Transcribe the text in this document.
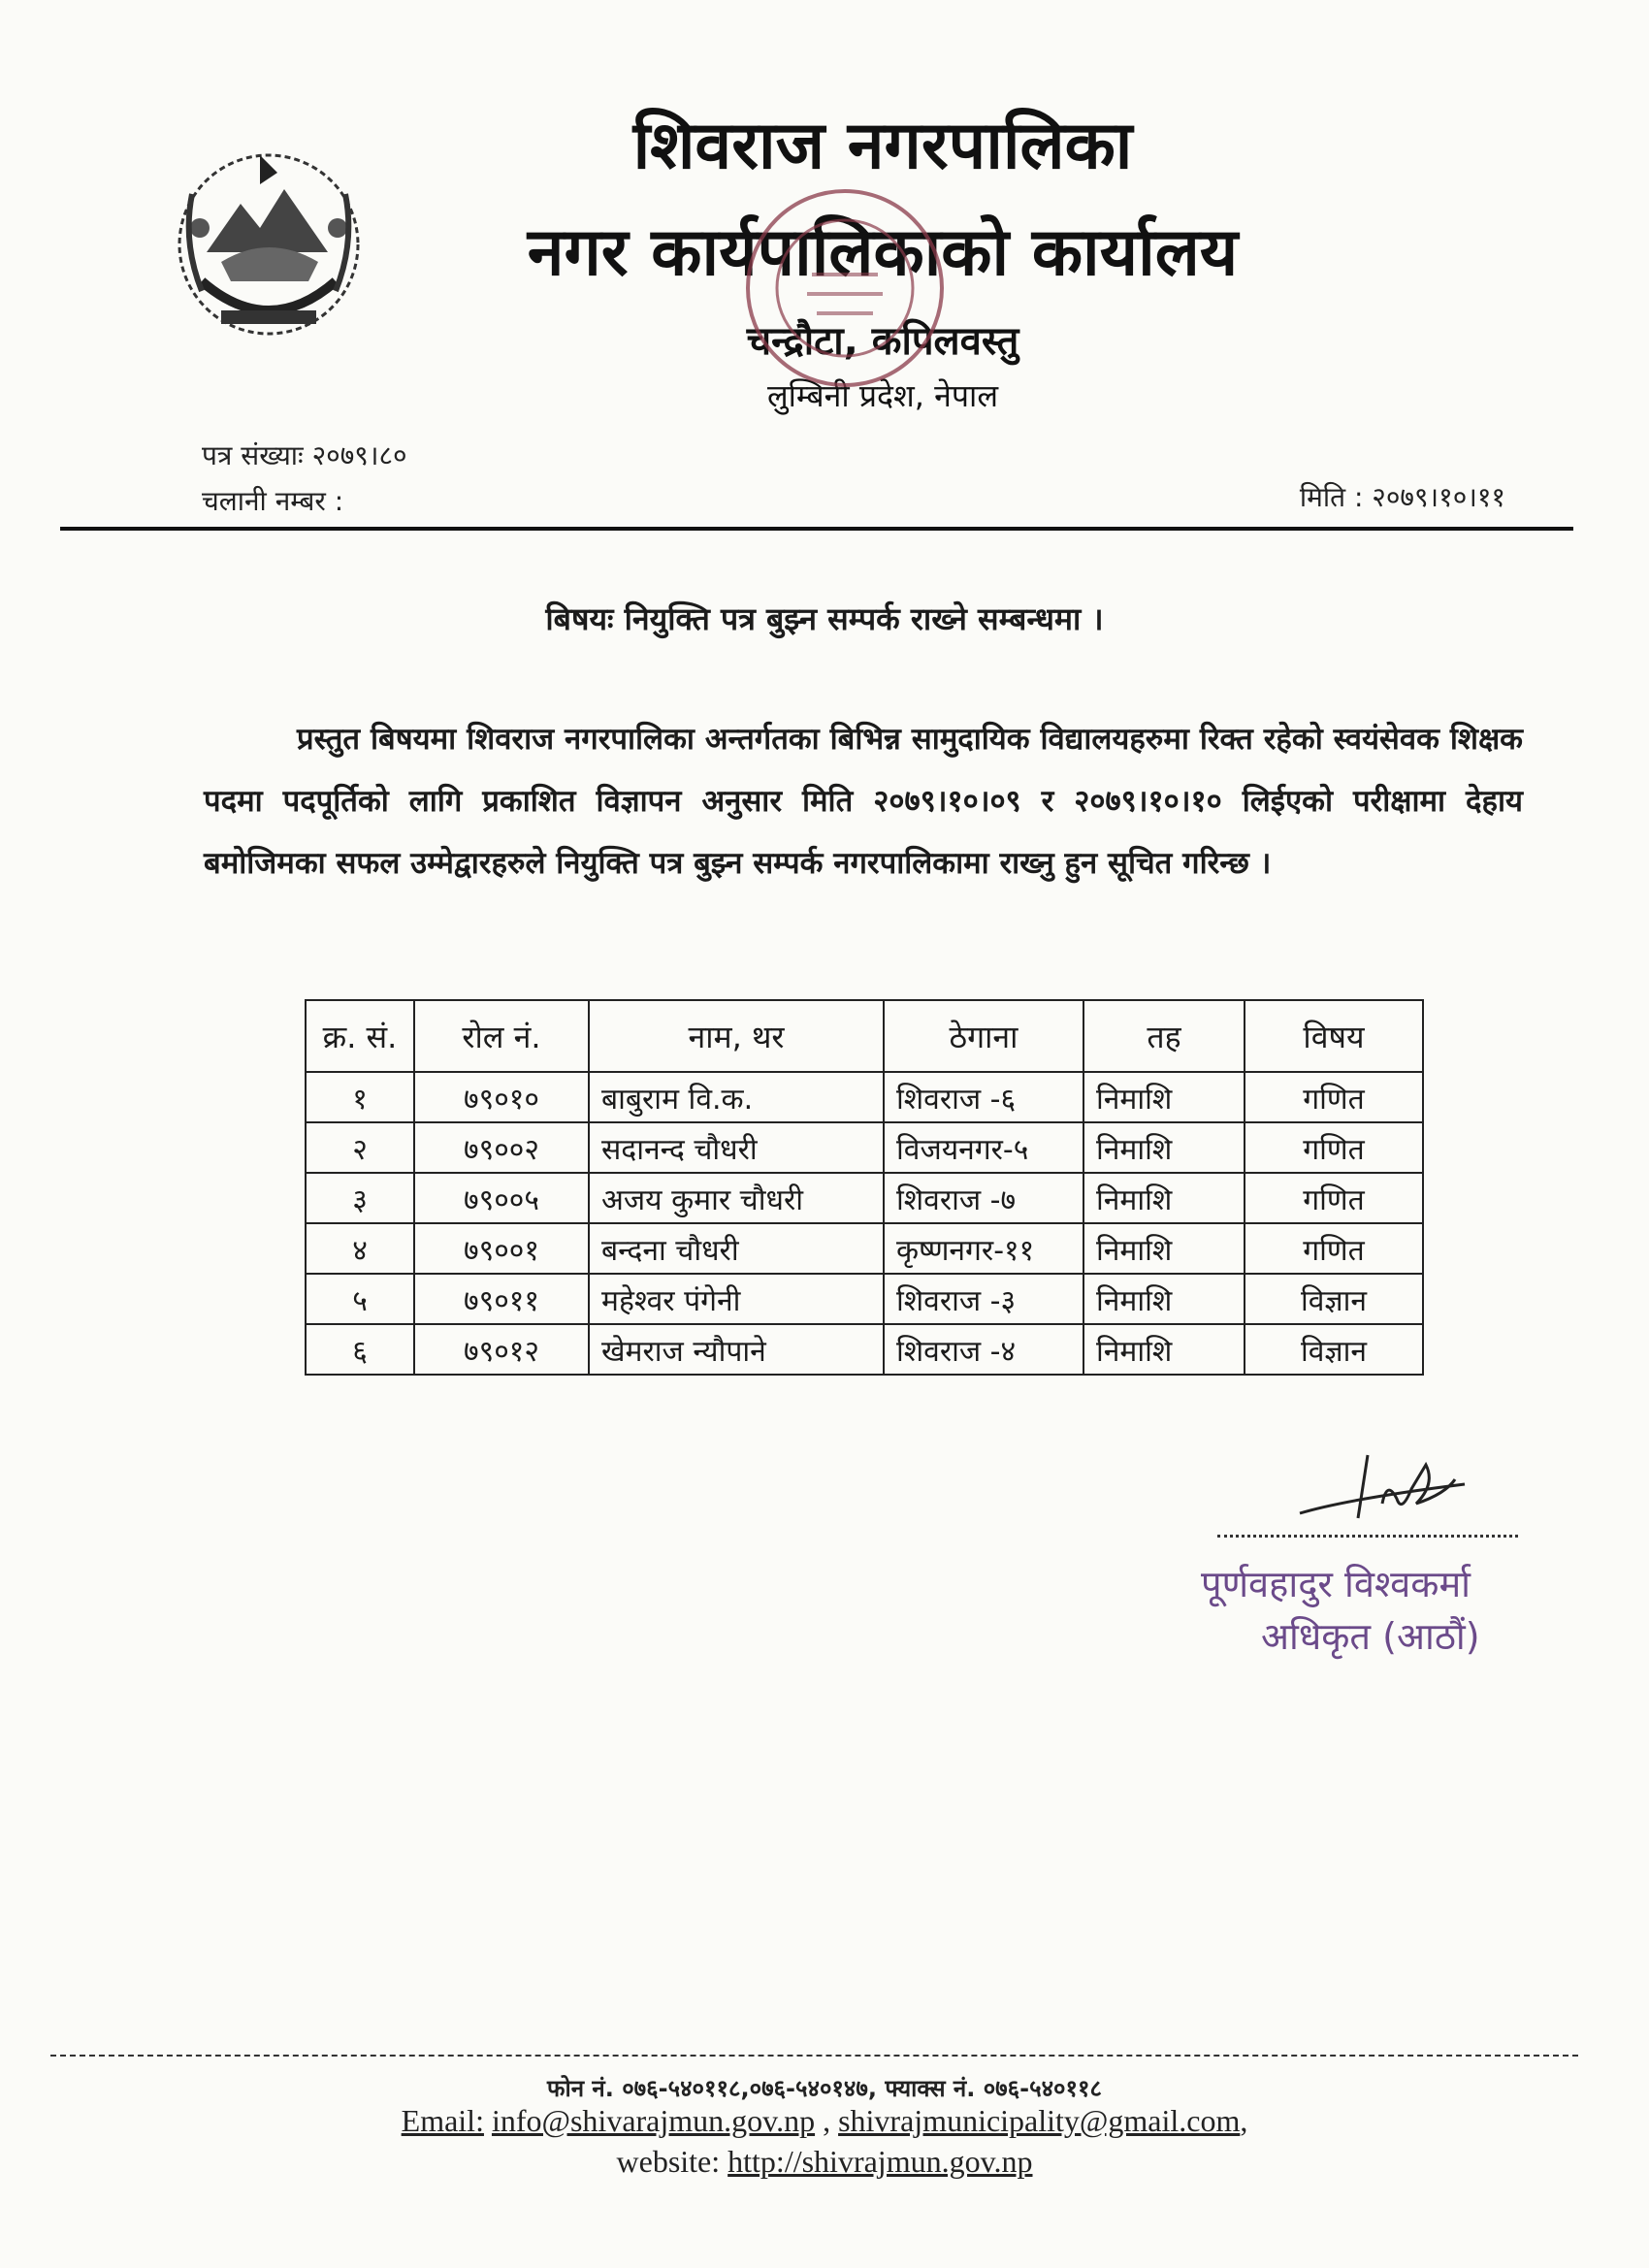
शिवराज नगरपालिका
नगर कार्यपालिकाको कार्यालय
चन्द्रौटा, कपिलवस्तु
लुम्बिनी प्रदेश, नेपाल
पत्र संख्याः २०७९।८०
चलानी नम्बर :	मिति : २०७९।१०।११
बिषयः नियुक्ति पत्र बुझ्न सम्पर्क राख्ने सम्बन्धमा ।
प्रस्तुत बिषयमा शिवराज नगरपालिका अन्तर्गतका बिभिन्न सामुदायिक विद्यालयहरुमा रिक्त रहेको स्वयंसेवक शिक्षक पदमा पदपूर्तिको लागि प्रकाशित विज्ञापन अनुसार मिति २०७९।१०।०९ र २०७९।१०।१० लिईएको परीक्षामा देहाय बमोजिमका सफल उम्मेद्वारहरुले नियुक्ति पत्र बुझ्न सम्पर्क नगरपालिकामा राख्नु हुन सूचित गरिन्छ ।
क्र. सं.	रोल नं.	नाम, थर	ठेगाना	तह	विषय
१	७९०१०	बाबुराम वि.क.	शिवराज -६	निमाशि	गणित
२	७९००२	सदानन्द चौधरी	विजयनगर-५	निमाशि	गणित
३	७९००५	अजय कुमार चौधरी	शिवराज -७	निमाशि	गणित
४	७९००१	बन्दना चौधरी	कृष्णनगर-११	निमाशि	गणित
५	७९०११	महेश्वर पंगेनी	शिवराज -३	निमाशि	विज्ञान
६	७९०१२	खेमराज न्यौपाने	शिवराज -४	निमाशि	विज्ञान
पूर्णवहादुर विश्वकर्मा
अधिकृत (आठौं)
फोन नं. ०७६-५४०११८,०७६-५४०१४७, फ्याक्स नं. ०७६-५४०११८
Email: info@shivarajmun.gov.np , shivrajmunicipality@gmail.com,
website: http://shivrajmun.gov.np
